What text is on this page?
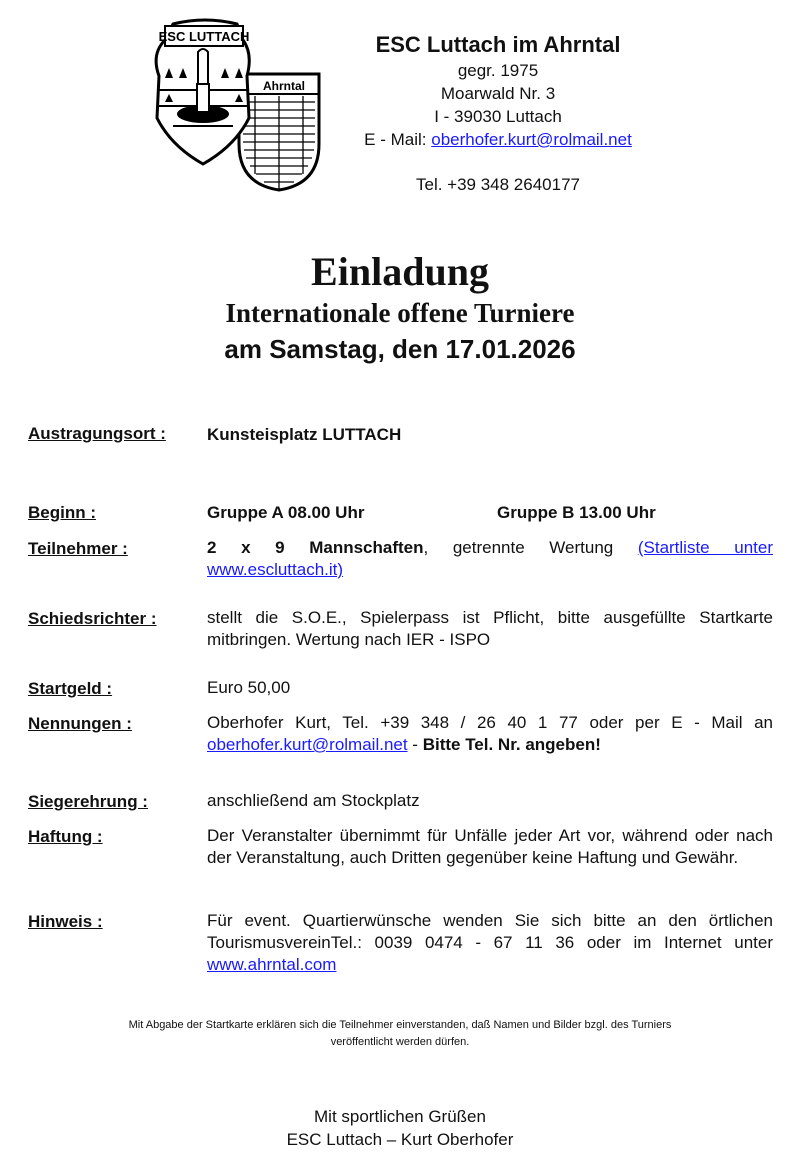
Ahrntal
ESC LUTTACH	ESC Luttach im Ahrntal
gegr. 1975
Moarwald Nr. 3
I - 39030 Luttach
E - Mail: oberhofer.kurt@rolmail.net
Tel. +39 348 2640177
Einladung
Internationale offene Turniere
am Samstag, den 17.01.2026
Austragungsort : Kunsteisplatz LUTTACH
Beginn :	Gruppe A 08.00 Uhr	Gruppe B 13.00 Uhr
Teilnehmer :	2 x 9 Mannschaften, getrennte Wertung (Startliste unter www.escluttach.it)
Schiedsrichter :	stellt die S.O.E., Spielerpass ist Pflicht, bitte ausgefüllte Startkarte mitbringen. Wertung nach IER - ISPO
Startgeld :	Euro 50,00
Nennungen :	Oberhofer Kurt, Tel. +39 348 / 26 40 1 77 oder per E - Mail an oberhofer.kurt@rolmail.net - Bitte Tel. Nr. angeben!
Siegerehrung :	anschließend am Stockplatz
Haftung :	Der Veranstalter übernimmt für Unfälle jeder Art vor, während oder nach der Veranstaltung, auch Dritten gegenüber keine Haftung und Gewähr.
Hinweis :	Für event. Quartierwünsche wenden Sie sich bitte an den örtlichen TourismusvereinTel.: 0039 0474 - 67 11 36 oder im Internet unter www.ahrntal.com
Mit Abgabe der Startkarte erklären sich die Teilnehmer einverstanden, daß Namen und Bilder bzgl. des Turniers
veröffentlicht werden dürfen.
Mit sportlichen Grüßen
ESC Luttach – Kurt Oberhofer
